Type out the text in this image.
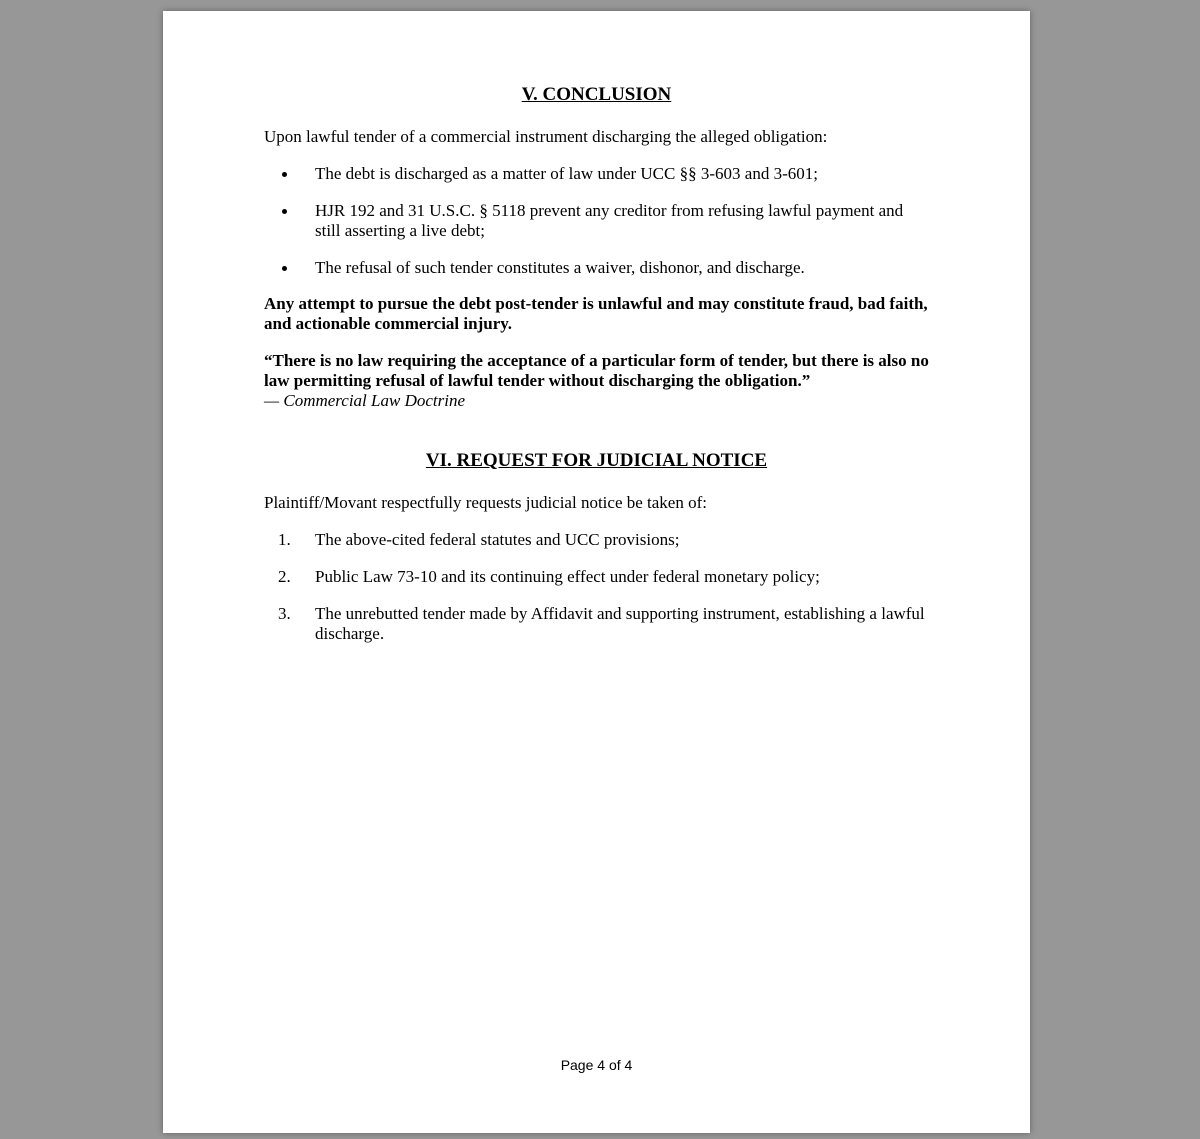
V. CONCLUSION
Upon lawful tender of a commercial instrument discharging the alleged obligation:
The debt is discharged as a matter of law under UCC §§ 3-603 and 3-601;
HJR 192 and 31 U.S.C. § 5118 prevent any creditor from refusing lawful payment and still asserting a live debt;
The refusal of such tender constitutes a waiver, dishonor, and discharge.
Any attempt to pursue the debt post-tender is unlawful and may constitute fraud, bad faith, and actionable commercial injury.
“There is no law requiring the acceptance of a particular form of tender, but there is also no law permitting refusal of lawful tender without discharging the obligation.”
— Commercial Law Doctrine
VI. REQUEST FOR JUDICIAL NOTICE
Plaintiff/Movant respectfully requests judicial notice be taken of:
1. The above-cited federal statutes and UCC provisions;
2. Public Law 73-10 and its continuing effect under federal monetary policy;
3. The unrebutted tender made by Affidavit and supporting instrument, establishing a lawful discharge.
Page 4 of 4
